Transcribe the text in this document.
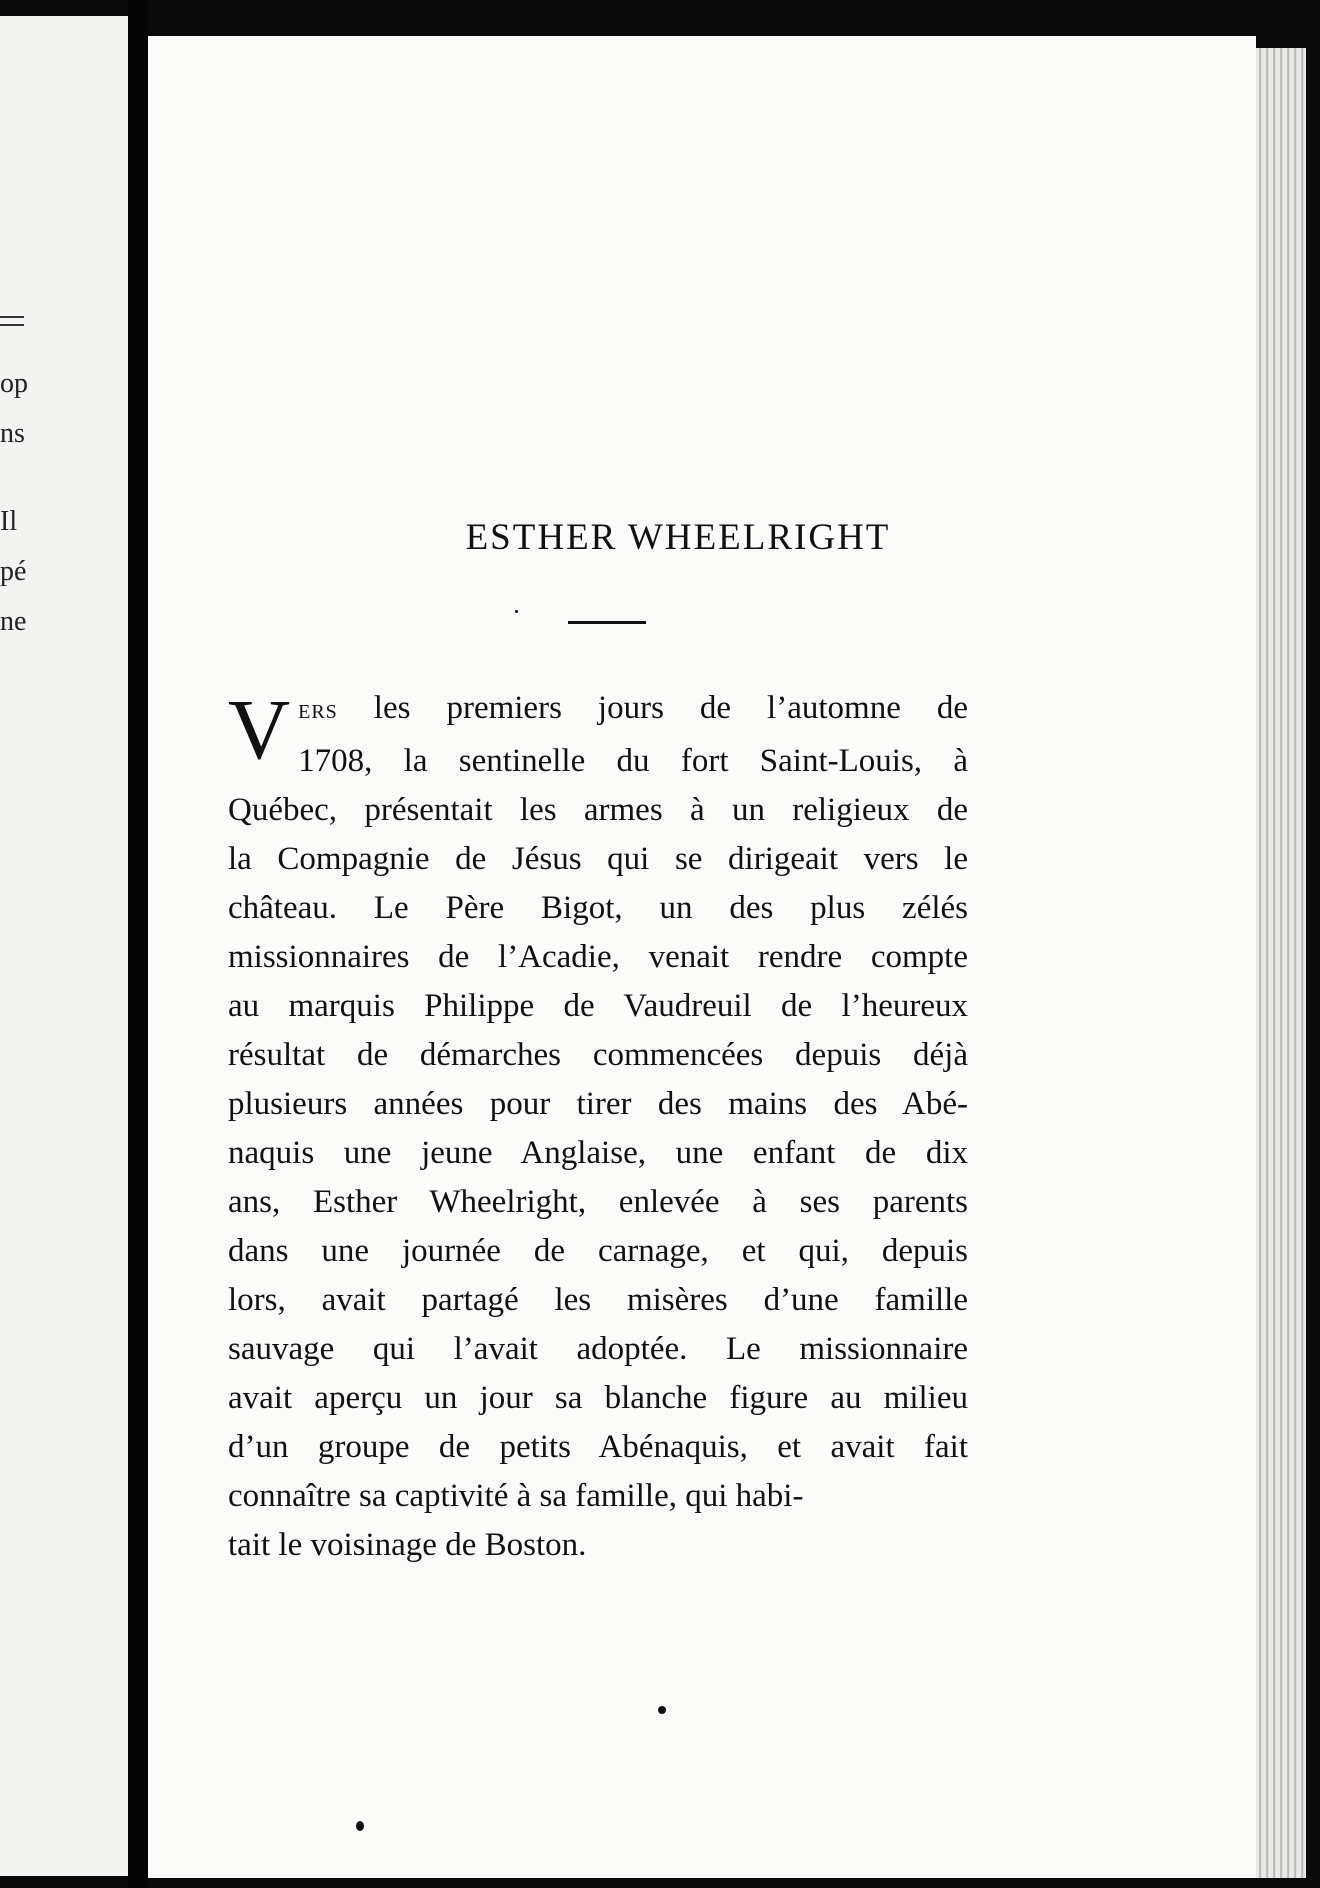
op
ns
Il
pé
ne
ESTHER WHEELRIGHT
V ERS les premiers jours de l’automne de
1708, la sentinelle du fort Saint-Louis, à
Québec, présentait les armes à un religieux de
la Compagnie de Jésus qui se dirigeait vers le
château. Le Père Bigot, un des plus zélés
missionnaires de l’Acadie, venait rendre compte
au marquis Philippe de Vaudreuil de l’heureux
résultat de démarches commencées depuis déjà
plusieurs années pour tirer des mains des Abé-
naquis une jeune Anglaise, une enfant de dix
ans, Esther Wheelright, enlevée à ses parents
dans une journée de carnage, et qui, depuis
lors, avait partagé les misères d’une famille
sauvage qui l’avait adoptée. Le missionnaire
avait aperçu un jour sa blanche figure au milieu
d’un groupe de petits Abénaquis, et avait fait
connaître sa captivité à sa famille, qui habi-
tait le voisinage de Boston.
